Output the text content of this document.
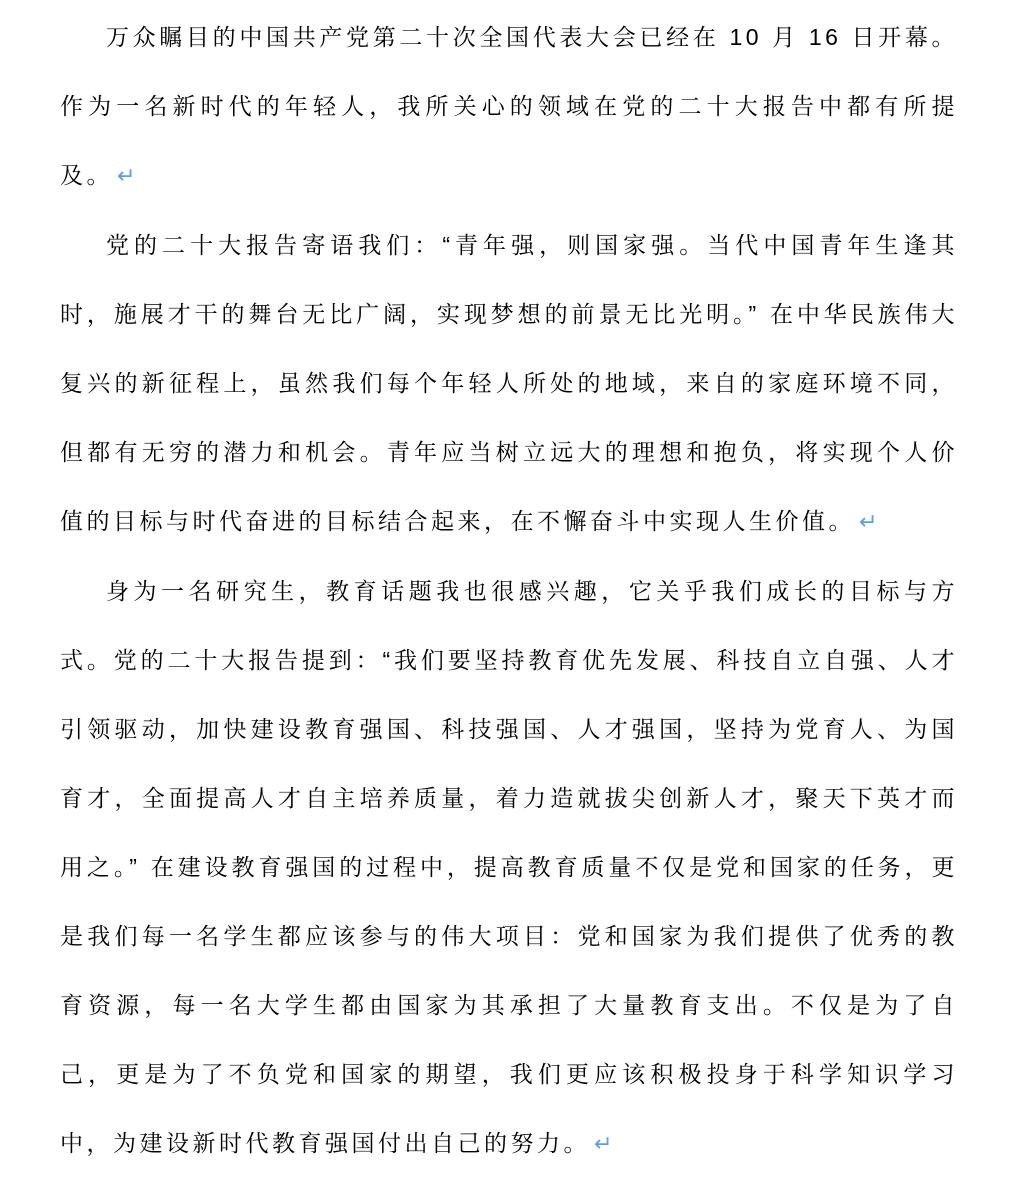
万众瞩目的中国共产党第二十次全国代表大会已经在 10 月 16 日开幕。作为一名新时代的年轻人，我所关心的领域在党的二十大报告中都有所提及。 ↵

党的二十大报告寄语我们：“青年强，则国家强。当代中国青年生逢其时，施展才干的舞台无比广阔，实现梦想的前景无比光明。” 在中华民族伟大复兴的新征程上，虽然我们每个年轻人所处的地域，来自的家庭环境不同，但都有无穷的潜力和机会。青年应当树立远大的理想和抱负，将实现个人价值的目标与时代奋进的目标结合起来，在不懈奋斗中实现人生价值。 ↵

身为一名研究生，教育话题我也很感兴趣，它关乎我们成长的目标与方式。党的二十大报告提到：“我们要坚持教育优先发展、科技自立自强、人才引领驱动，加快建设教育强国、科技强国、人才强国，坚持为党育人、为国育才，全面提高人才自主培养质量，着力造就拔尖创新人才，聚天下英才而用之。” 在建设教育强国的过程中，提高教育质量不仅是党和国家的任务，更是我们每一名学生都应该参与的伟大项目：党和国家为我们提供了优秀的教育资源，每一名大学生都由国家为其承担了大量教育支出。不仅是为了自己，更是为了不负党和国家的期望，我们更应该积极投身于科学知识学习中，为建设新时代教育强国付出自己的努力。 ↵
